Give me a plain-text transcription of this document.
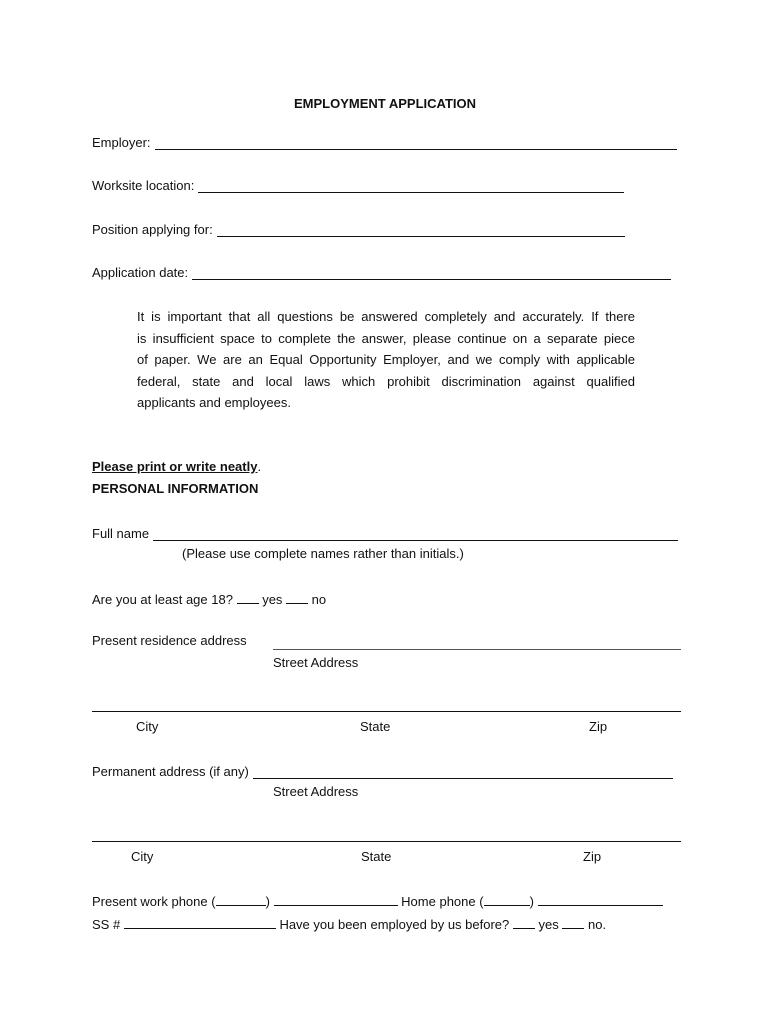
EMPLOYMENT APPLICATION
Employer:
Worksite location:
Position applying for:
Application date:
It is important that all questions be answered completely and accurately. If there
is insufficient space to complete the answer, please continue on a separate piece
of paper. We are an Equal Opportunity Employer, and we comply with applicable
federal, state and local laws which prohibit discrimination against qualified
applicants and employees.
Please print or write neatly.
PERSONAL INFORMATION
Full name
(Please use complete names rather than initials.)
Are you at least age 18? yes no
Present residence address
Street Address
City	State	Zip
Permanent address (if any)
Street Address
City	State	Zip
Present work phone (	)	Home phone (	)
SS #	Have you been employed by us before? yes no.
